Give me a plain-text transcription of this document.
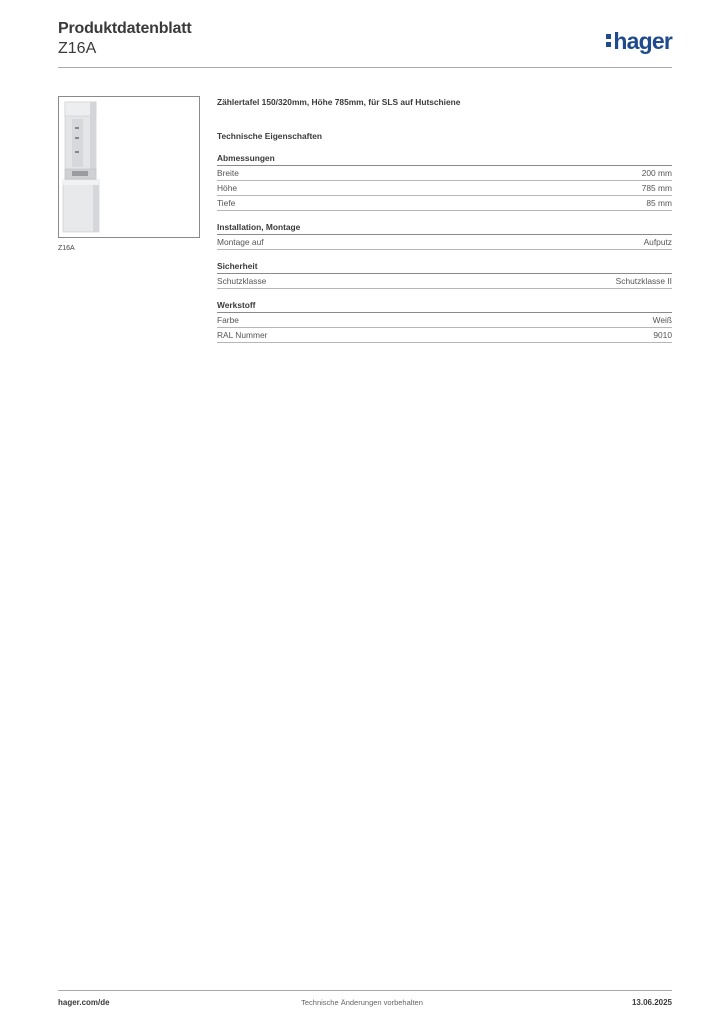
Produktdatenblatt
Z16A	hager
Z16A
Zählertafel 150/320mm, Höhe 785mm, für SLS auf Hutschiene
Technische Eigenschaften
Abmessungen
Breite	200 mm
Höhe	785 mm
Tiefe	85 mm
Installation, Montage
Montage auf	Aufputz
Sicherheit
Schutzklasse	Schutzklasse II
Werkstoff
Farbe	Weiß
RAL Nummer	9010
hager.com/de	Technische Änderungen vorbehalten	13.06.2025
